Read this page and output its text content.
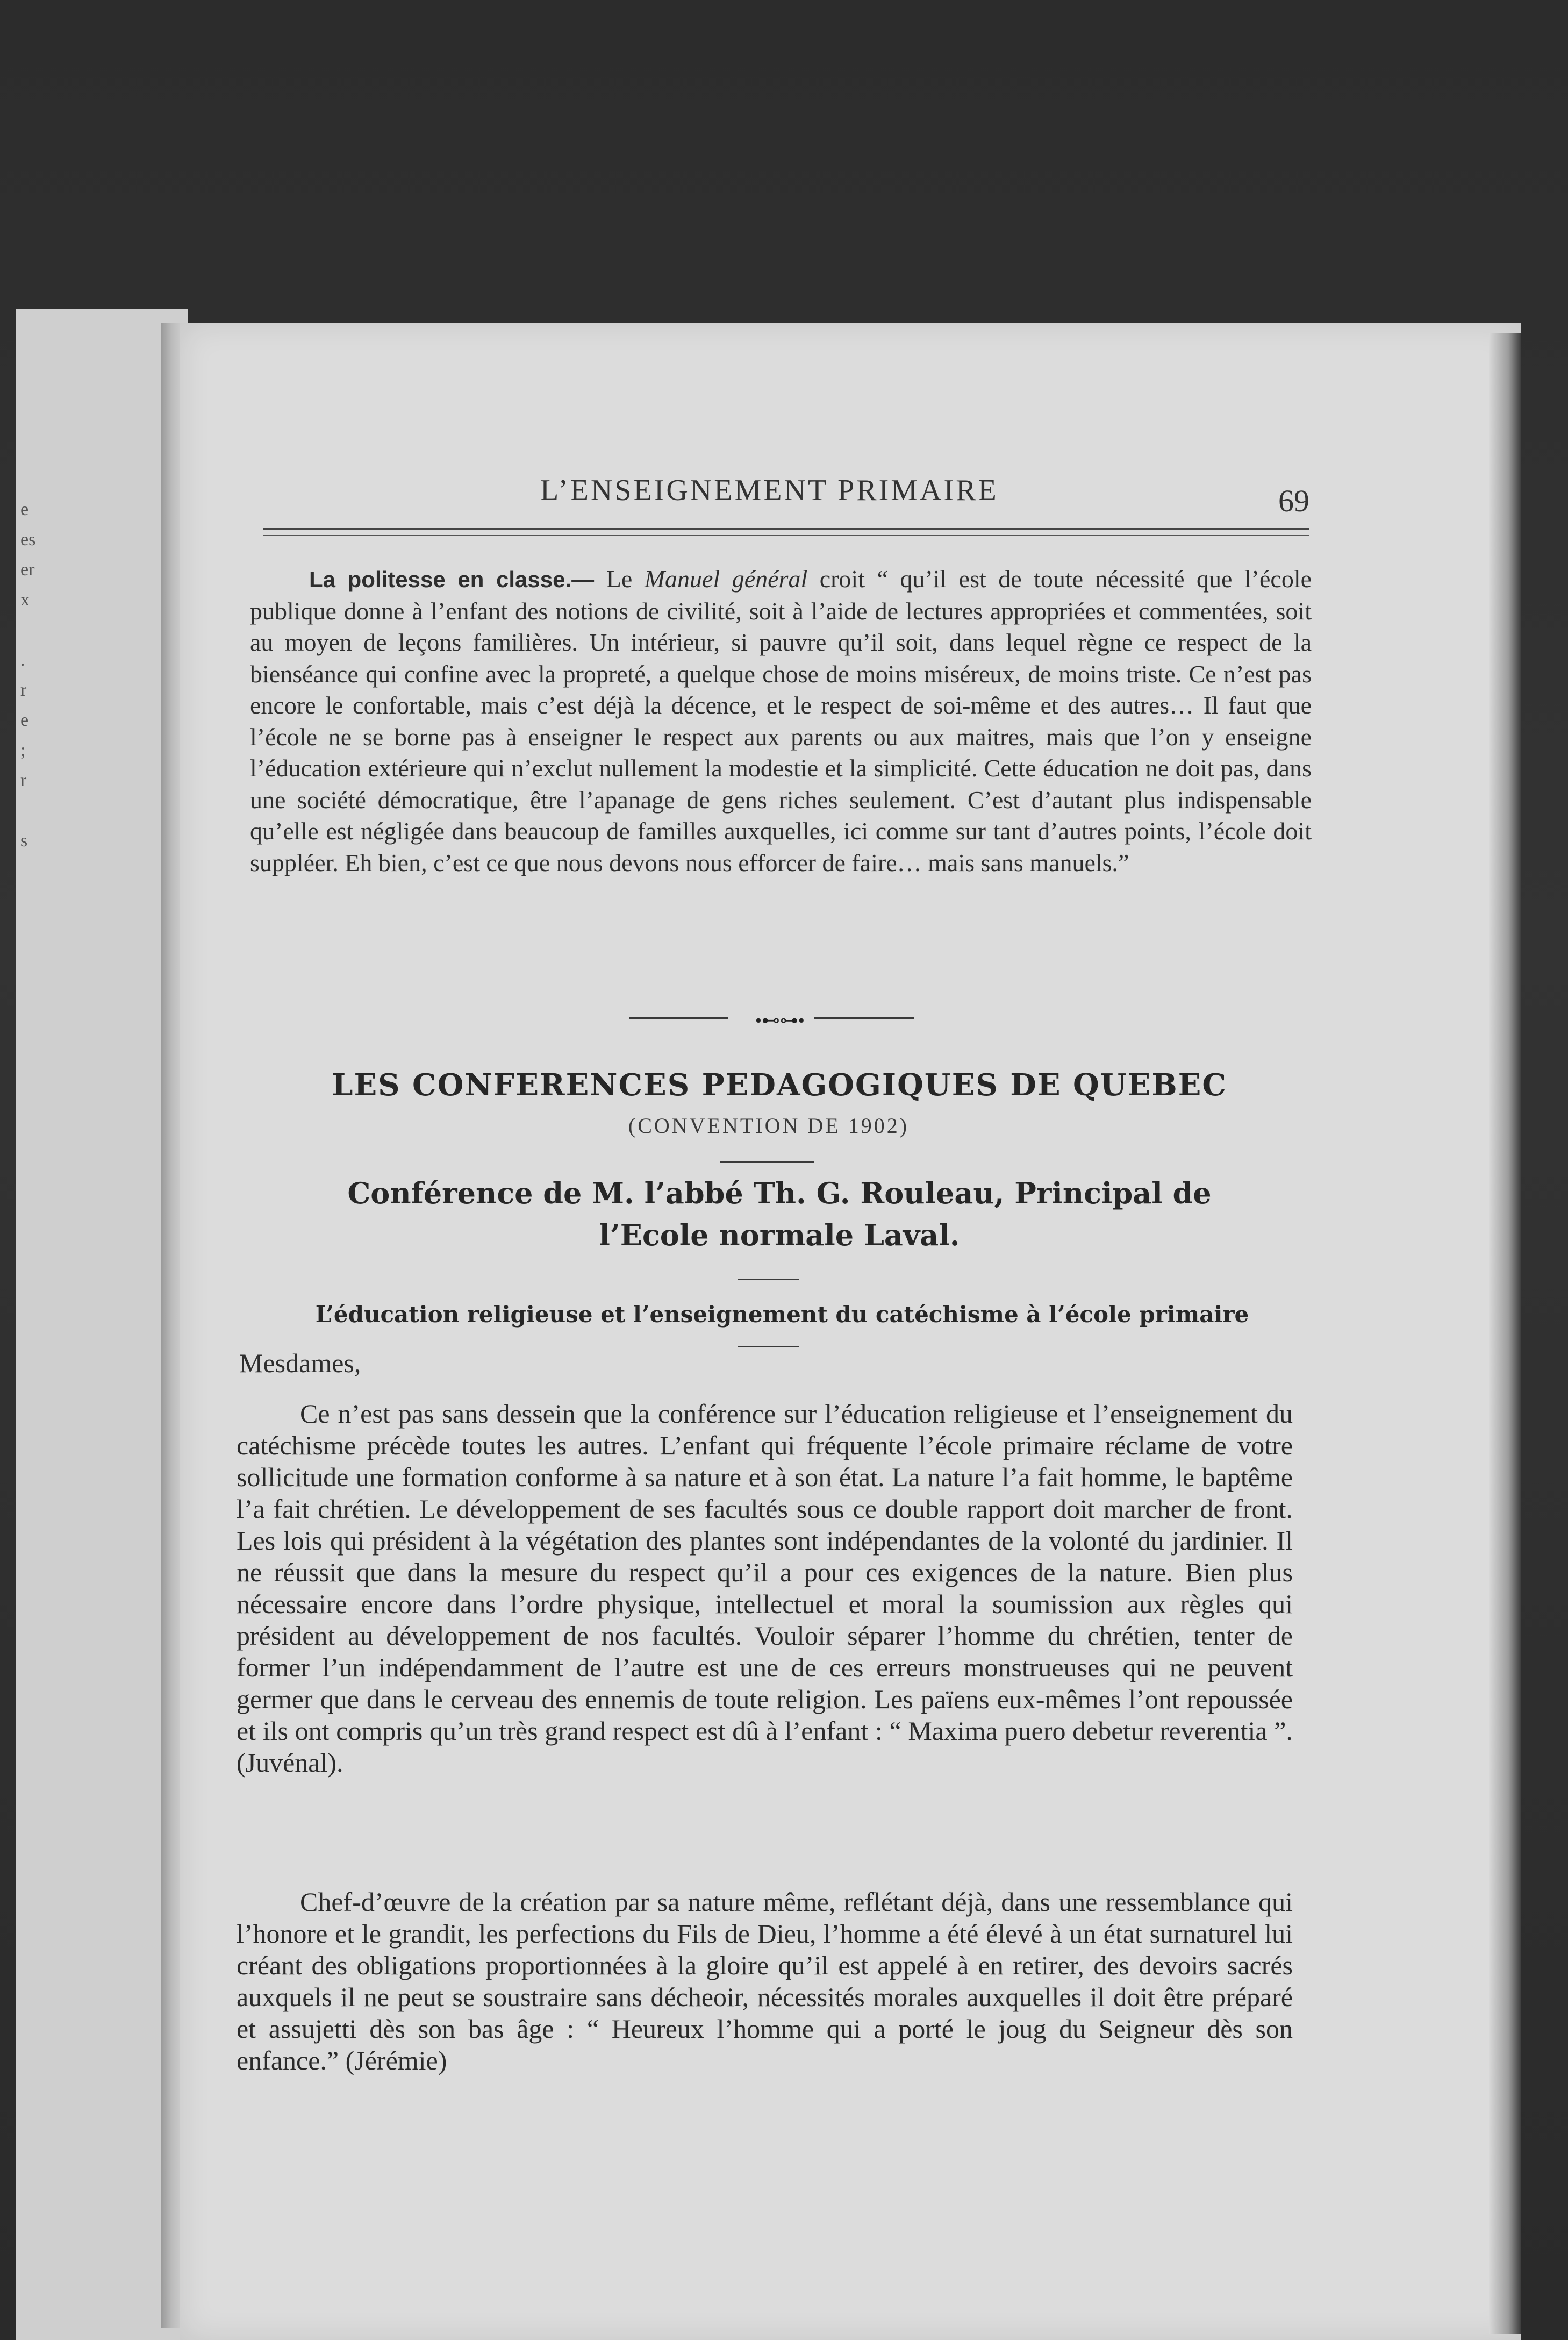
e
es
er
x

.
r
e
;
r

s
L’ENSEIGNEMENT PRIMAIRE	69
La politesse en classe.— Le Manuel général croit “ qu’il est de toute nécessité que l’école publique donne à l’enfant des notions de civilité, soit à l’aide de lectures appropriées et commentées, soit au moyen de leçons familières. Un intérieur, si pauvre qu’il soit, dans lequel règne ce respect de la bienséance qui confine avec la propreté, a quelque chose de moins miséreux, de moins triste. Ce n’est pas encore le confortable, mais c’est déjà la décence, et le respect de soi-même et des autres… Il faut que l’école ne se borne pas à enseigner le respect aux parents ou aux maitres, mais que l’on y enseigne l’éducation extérieure qui n’exclut nullement la modestie et la simplicité. Cette éducation ne doit pas, dans une société démocratique, être l’apanage de gens riches seulement. C’est d’autant plus indispensable qu’elle est négligée dans beaucoup de familles auxquelles, ici comme sur tant d’autres points, l’école doit suppléer. Eh bien, c’est ce que nous devons nous efforcer de faire… mais sans manuels.”
•⊷⊶•
LES CONFERENCES PEDAGOGIQUES DE QUEBEC
(CONVENTION DE 1902)
Conférence de M. l’abbé Th. G. Rouleau, Principal de
l’Ecole normale Laval.
L’éducation religieuse et l’enseignement du catéchisme à l’école primaire
Mesdames,
Ce n’est pas sans dessein que la conférence sur l’éducation religieuse et l’enseignement du catéchisme précède toutes les autres. L’enfant qui fréquente l’école primaire réclame de votre sollicitude une formation conforme à sa nature et à son état. La nature l’a fait homme, le baptême l’a fait chrétien. Le développement de ses facultés sous ce double rapport doit marcher de front. Les lois qui président à la végétation des plantes sont indépendantes de la volonté du jardinier. Il ne réussit que dans la mesure du respect qu’il a pour ces exigences de la nature. Bien plus nécessaire encore dans l’ordre physique, intellectuel et moral la soumission aux règles qui président au développement de nos facultés. Vouloir séparer l’homme du chrétien, tenter de former l’un indépendamment de l’autre est une de ces erreurs monstrueuses qui ne peuvent germer que dans le cerveau des ennemis de toute religion. Les païens eux-mêmes l’ont repoussée et ils ont compris qu’un très grand respect est dû à l’enfant : “ Maxima puero debetur reverentia ”. (Juvénal).
Chef-d’œuvre de la création par sa nature même, reflétant déjà, dans une ressemblance qui l’honore et le grandit, les perfections du Fils de Dieu, l’homme a été élevé à un état surnaturel lui créant des obligations proportionnées à la gloire qu’il est appelé à en retirer, des devoirs sacrés auxquels il ne peut se soustraire sans décheoir, nécessités morales auxquelles il doit être préparé et assujetti dès son bas âge : “ Heureux l’homme qui a porté le joug du Seigneur dès son enfance.” (Jérémie)
